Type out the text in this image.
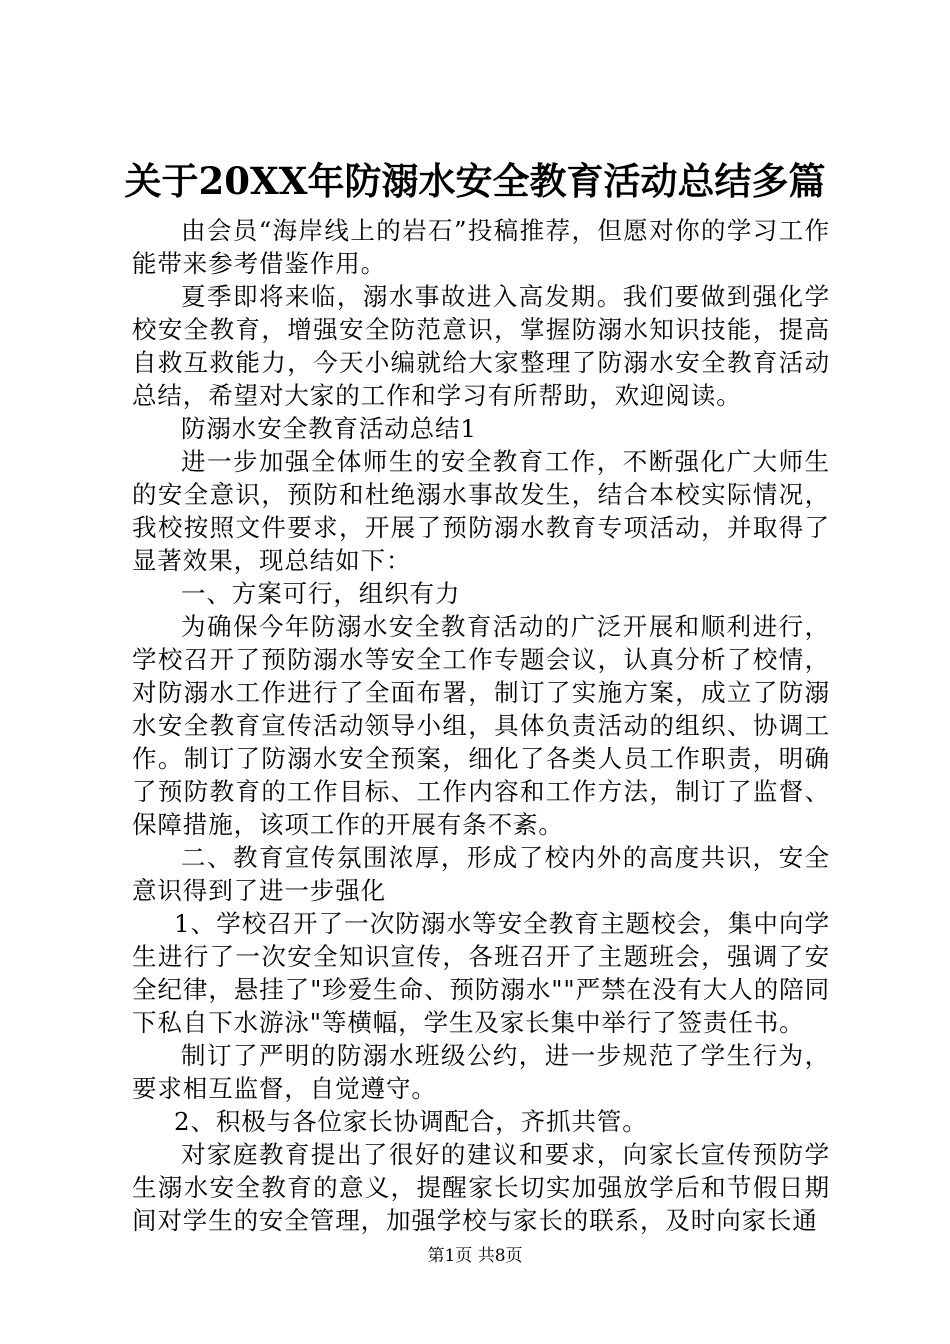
关于20XX年防溺水安全教育活动总结多篇

由会员“海岸线上的岩石”投稿推荐，但愿对你的学习工作能带来参考借鉴作用。

夏季即将来临，溺水事故进入高发期。我们要做到强化学校安全教育，增强安全防范意识，掌握防溺水知识技能，提高自救互救能力，今天小编就给大家整理了防溺水安全教育活动总结，希望对大家的工作和学习有所帮助，欢迎阅读。

防溺水安全教育活动总结1

进一步加强全体师生的安全教育工作，不断强化广大师生的安全意识，预防和杜绝溺水事故发生，结合本校实际情况，我校按照文件要求，开展了预防溺水教育专项活动，并取得了显著效果，现总结如下：

一、方案可行，组织有力

为确保今年防溺水安全教育活动的广泛开展和顺利进行，学校召开了预防溺水等安全工作专题会议，认真分析了校情，对防溺水工作进行了全面布署，制订了实施方案，成立了防溺水安全教育宣传活动领导小组，具体负责活动的组织、协调工作。制订了防溺水安全预案，细化了各类人员工作职责，明确了预防教育的工作目标、工作内容和工作方法，制订了监督、保障措施，该项工作的开展有条不紊。

二、教育宣传氛围浓厚，形成了校内外的高度共识，安全意识得到了进一步强化

1、学校召开了一次防溺水等安全教育主题校会，集中向学生进行了一次安全知识宣传，各班召开了主题班会，强调了安全纪律，悬挂了"珍爱生命、预防溺水""严禁在没有大人的陪同下私自下水游泳"等横幅，学生及家长集中举行了签责任书。

制订了严明的防溺水班级公约，进一步规范了学生行为，要求相互监督，自觉遵守。

2、积极与各位家长协调配合，齐抓共管。

对家庭教育提出了很好的建议和要求，向家长宣传预防学生溺水安全教育的意义，提醒家长切实加强放学后和节假日期间对学生的安全管理，加强学校与家长的联系，及时向家长通

第1页 共8页
